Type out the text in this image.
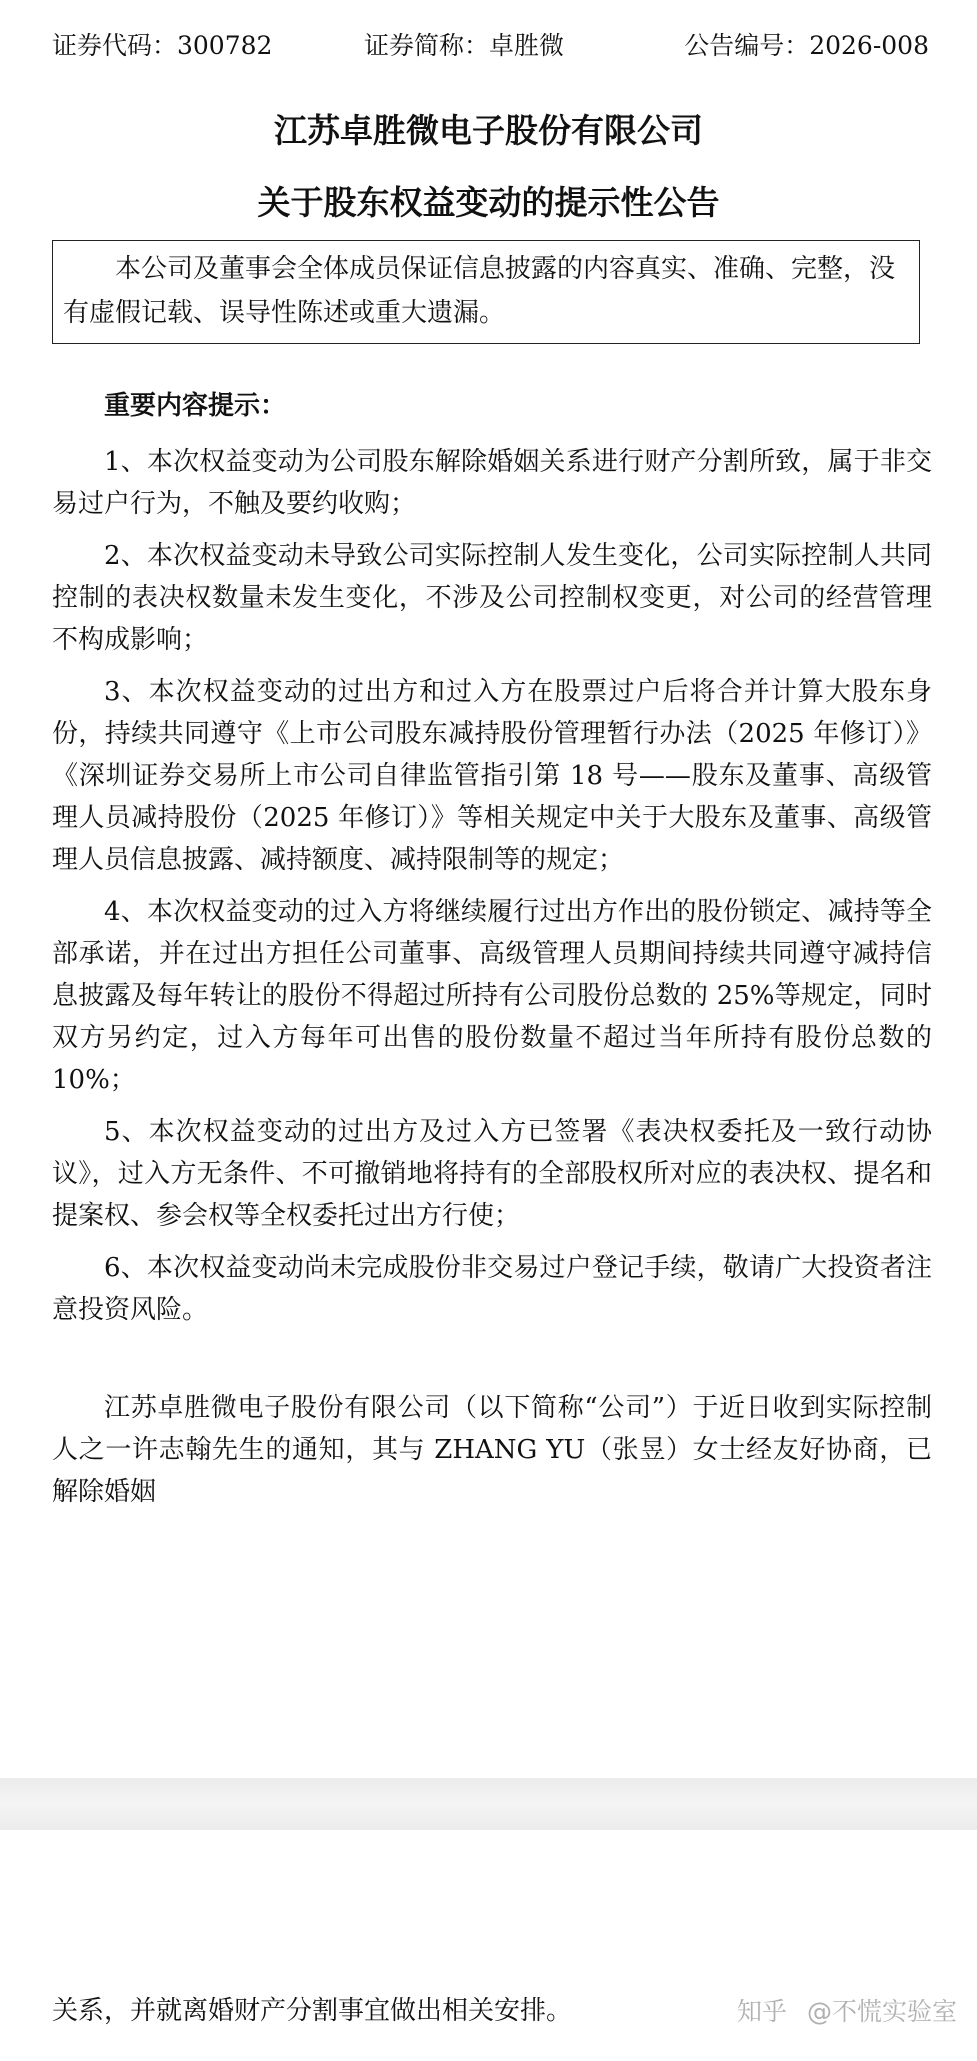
证券代码：300782	证券简称：卓胜微	公告编号：2026-008
江苏卓胜微电子股份有限公司
关于股东权益变动的提示性公告
本公司及董事会全体成员保证信息披露的内容真实、准确、完整，没有虚假记载、误导性陈述或重大遗漏。

重要内容提示：

1、本次权益变动为公司股东解除婚姻关系进行财产分割所致，属于非交易过户行为，不触及要约收购；

2、本次权益变动未导致公司实际控制人发生变化，公司实际控制人共同控制的表决权数量未发生变化，不涉及公司控制权变更，对公司的经营管理不构成影响；

3、本次权益变动的过出方和过入方在股票过户后将合并计算大股东身份，持续共同遵守《上市公司股东减持股份管理暂行办法（2025 年修订）》《深圳证券交易所上市公司自律监管指引第 18 号——股东及董事、高级管理人员减持股份（2025 年修订）》等相关规定中关于大股东及董事、高级管理人员信息披露、减持额度、减持限制等的规定；

4、本次权益变动的过入方将继续履行过出方作出的股份锁定、减持等全部承诺，并在过出方担任公司董事、高级管理人员期间持续共同遵守减持信息披露及每年转让的股份不得超过所持有公司股份总数的 25%等规定，同时双方另约定，过入方每年可出售的股份数量不超过当年所持有股份总数的 10%；

5、本次权益变动的过出方及过入方已签署《表决权委托及一致行动协议》，过入方无条件、不可撤销地将持有的全部股权所对应的表决权、提名和提案权、参会权等全权委托过出方行使；

6、本次权益变动尚未完成股份非交易过户登记手续，敬请广大投资者注意投资风险。

江苏卓胜微电子股份有限公司（以下简称“公司”）于近日收到实际控制人之一许志翰先生的通知，其与 ZHANG YU（张昱）女士经友好协商，已解除婚姻

关系，并就离婚财产分割事宜做出相关安排。	知乎 @不慌实验室
